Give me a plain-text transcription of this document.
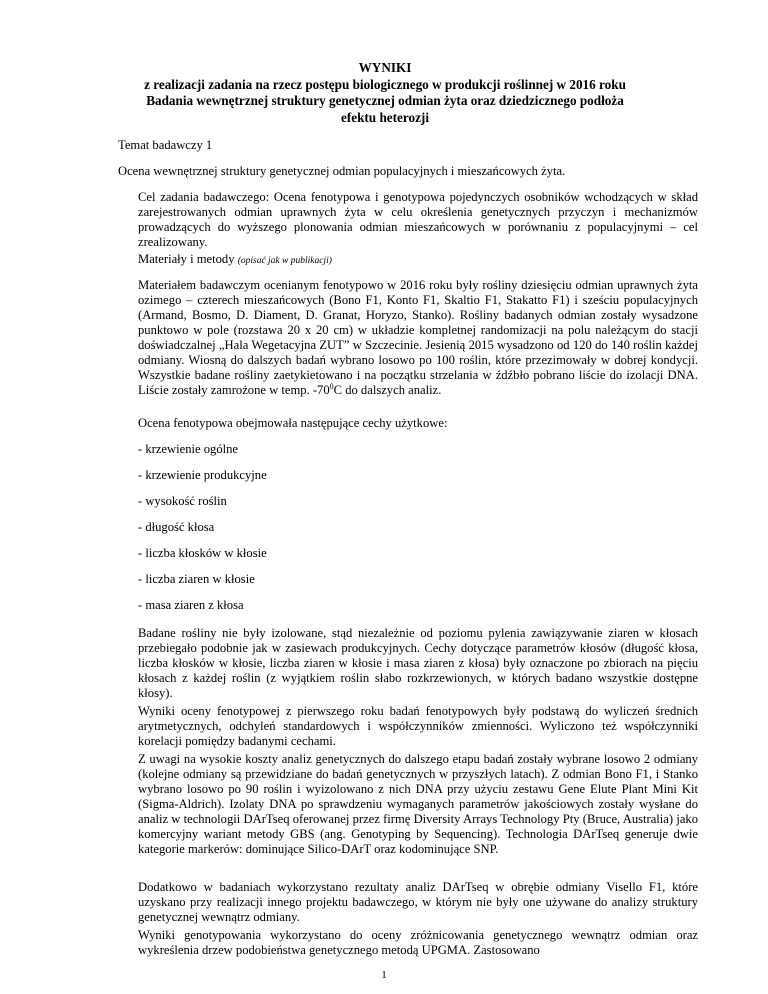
WYNIKI
z realizacji zadania na rzecz postępu biologicznego w produkcji roślinnej w 2016 roku
Badania wewnętrznej struktury genetycznej odmian żyta oraz dziedzicznego podłoża
efektu heterozji
Temat badawczy 1
Ocena wewnętrznej struktury genetycznej odmian populacyjnych i mieszańcowych żyta.
Cel zadania badawczego: Ocena fenotypowa i genotypowa pojedynczych osobników wchodzących w skład zarejestrowanych odmian uprawnych żyta w celu określenia genetycznych przyczyn i mechanizmów prowadzących do wyższego plonowania odmian mieszańcowych w porównaniu z populacyjnymi – cel zrealizowany.
Materiały i metody (opisać jak w publikacji)
Materiałem badawczym ocenianym fenotypowo w 2016 roku były rośliny dziesięciu odmian uprawnych żyta ozimego – czterech mieszańcowych (Bono F1, Konto F1, Skaltio F1, Stakatto F1) i sześciu populacyjnych (Armand, Bosmo, D. Diament, D. Granat, Horyzo, Stanko). Rośliny badanych odmian zostały wysadzone punktowo w pole (rozstawa 20 x 20 cm) w układzie kompletnej randomizacji na polu należącym do stacji doświadczalnej „Hala Wegetacyjna ZUT” w Szczecinie. Jesienią 2015 wysadzono od 120 do 140 roślin każdej odmiany. Wiosną do dalszych badań wybrano losowo po 100 roślin, które przezimowały w dobrej kondycji. Wszystkie badane rośliny zaetykietowano i na początku strzelania w źdźbło pobrano liście do izolacji DNA. Liście zostały zamrożone w temp. $-70^0C$ do dalszych analiz.
Ocena fenotypowa obejmowała następujące cechy użytkowe:
- krzewienie ogólne
- krzewienie produkcyjne
- wysokość roślin
- długość kłosa
- liczba kłosków w kłosie
- liczba ziaren w kłosie
- masa ziaren z kłosa
Badane rośliny nie były izolowane, stąd niezależnie od poziomu pylenia zawiązywanie ziaren w kłosach przebiegało podobnie jak w zasiewach produkcyjnych. Cechy dotyczące parametrów kłosów (długość kłosa, liczba kłosków w kłosie, liczba ziaren w kłosie i masa ziaren z kłosa) były oznaczone po zbiorach na pięciu kłosach z każdej roślin (z wyjątkiem roślin słabo rozkrzewionych, w których badano wszystkie dostępne kłosy).
Wyniki oceny fenotypowej z pierwszego roku badań fenotypowych były podstawą do wyliczeń średnich arytmetycznych, odchyleń standardowych i współczynników zmienności. Wyliczono też współczynniki korelacji pomiędzy badanymi cechami.
Z uwagi na wysokie koszty analiz genetycznych do dalszego etapu badań zostały wybrane losowo 2 odmiany (kolejne odmiany są przewidziane do badań genetycznych w przyszłych latach). Z odmian Bono F1, i Stanko wybrano losowo po 90 roślin i wyizolowano z nich DNA przy użyciu zestawu Gene Elute Plant Mini Kit (Sigma-Aldrich). Izolaty DNA po sprawdzeniu wymaganych parametrów jakościowych zostały wysłane do analiz w technologii DArTseq oferowanej przez firmę Diversity Arrays Technology Pty (Bruce, Australia) jako komercyjny wariant metody GBS (ang. Genotyping by Sequencing). Technologia DArTseq generuje dwie kategorie markerów: dominujące Silico-DArT oraz kodominujące SNP.
Dodatkowo w badaniach wykorzystano rezultaty analiz DArTseq w obrębie odmiany Visello F1, które uzyskano przy realizacji innego projektu badawczego, w którym nie były one używane do analizy struktury genetycznej wewnątrz odmiany.
Wyniki genotypowania wykorzystano do oceny zróżnicowania genetycznego wewnątrz odmian oraz wykreślenia drzew podobieństwa genetycznego metodą UPGMA. Zastosowano
1
